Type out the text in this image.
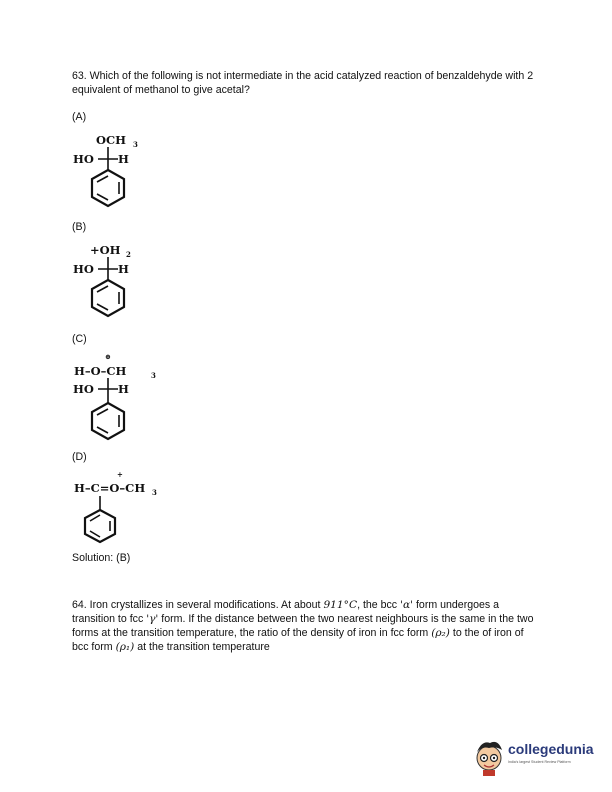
63. Which of the following is not intermediate in the acid catalyzed reaction of benzaldehyde with 2 equivalent of methanol to give acetal?
(A)
OCH 3
HO H
(B)
+OH 2
HO H
(C)
⊕
H–O–CH	3
HO H
(D)
+
H–C=O–CH 3
Solution: (B)
64. Iron crystallizes in several modifications. At about 911°C, the bcc 'α' form undergoes a transition to fcc 'γ' form. If the distance between the two nearest neighbours is the same in the two forms at the transition temperature, the ratio of the density of iron in fcc form (ρ₂) to the of iron of bcc form (ρ₁) at the transition temperature
collegedunia
India's largest Student Review Platform
